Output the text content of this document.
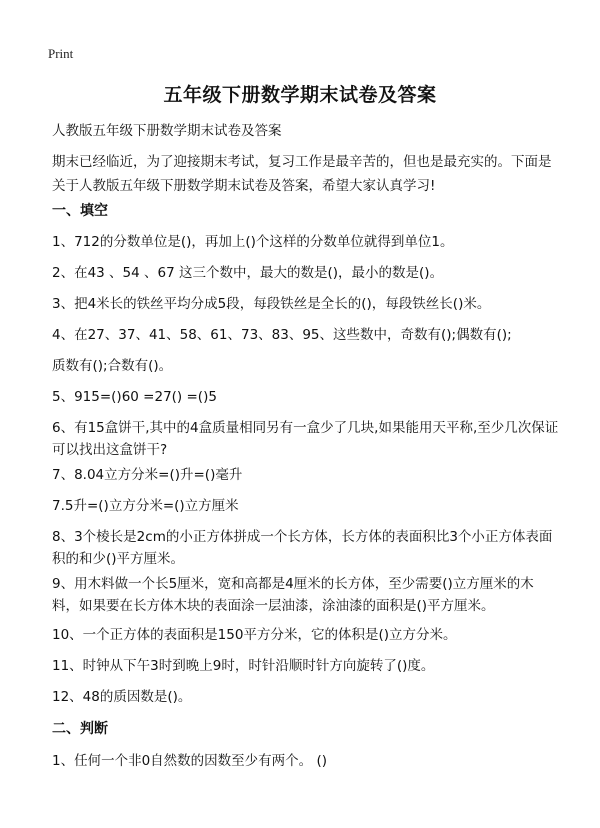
Print
五年级下册数学期末试卷及答案
人教版五年级下册数学期末试卷及答案
期末已经临近，为了迎接期末考试，复习工作是最辛苦的，但也是最充实的。下面是关于人教版五年级下册数学期末试卷及答案，希望大家认真学习!
一、填空
1、712的分数单位是()，再加上()个这样的分数单位就得到单位1。
2、在43 、54 、67 这三个数中，最大的数是()，最小的数是()。
3、把4米长的铁丝平均分成5段，每段铁丝是全长的()，每段铁丝长()米。
4、在27、37、41、58、61、73、83、95、这些数中，奇数有();偶数有();
质数有();合数有()。
5、915=()60 =27() =()5
6、有15盒饼干,其中的4盒质量相同另有一盒少了几块,如果能用天平称,至少几次保证可以找出这盒饼干?
7、8.04立方分米=()升=()毫升
7.5升=()立方分米=()立方厘米
8、3个棱长是2cm的小正方体拼成一个长方体，长方体的表面积比3个小正方体表面积的和少()平方厘米。
9、用木料做一个长5厘米，宽和高都是4厘米的长方体，至少需要()立方厘米的木料，如果要在长方体木块的表面涂一层油漆，涂油漆的面积是()平方厘米。
10、一个正方体的表面积是150平方分米，它的体积是()立方分米。
11、时钟从下午3时到晚上9时，时针沿顺时针方向旋转了()度。
12、48的质因数是()。
二、判断
1、任何一个非0自然数的因数至少有两个。 ()
